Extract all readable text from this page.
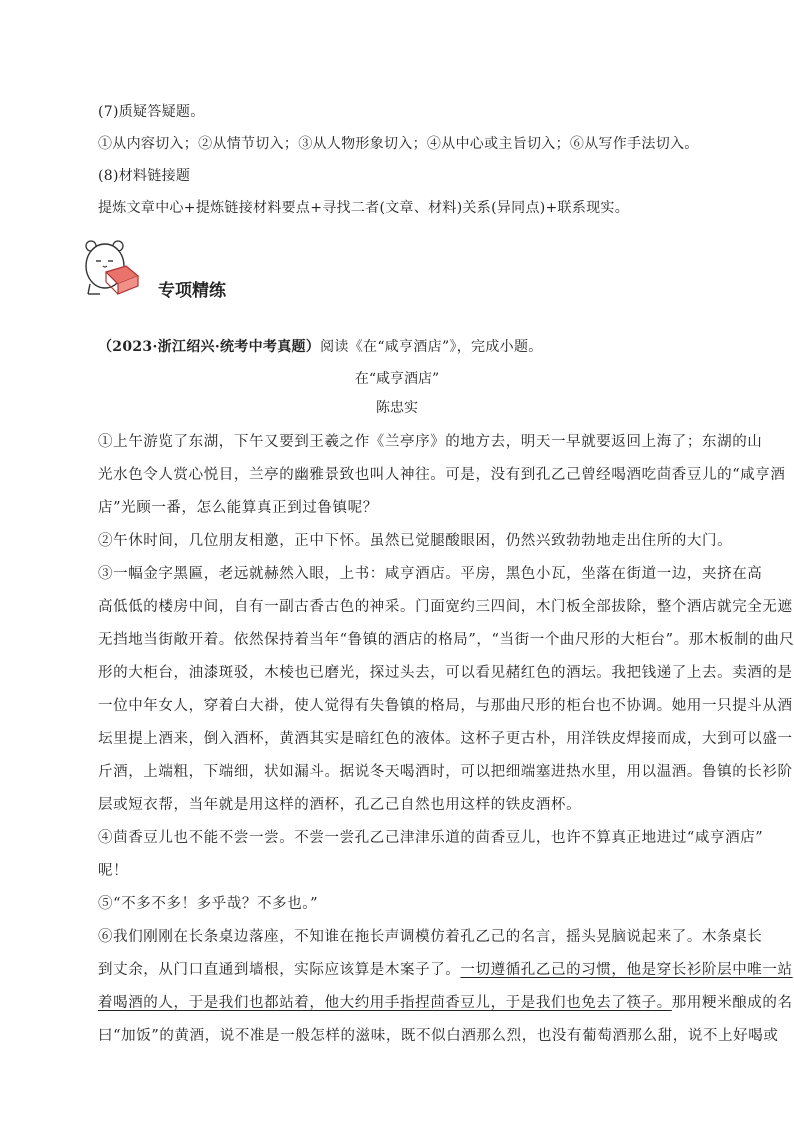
(7)质疑答疑题。
①从内容切入；②从情节切入；③从人物形象切入；④从中心或主旨切入；⑥从写作手法切入。
(8)材料链接题
提炼文章中心+提炼链接材料要点+寻找二者(文章、材料)关系(异同点)+联系现实。
专项精练
（2023·浙江绍兴·统考中考真题）阅读《在“咸亨酒店”》，完成小题。
在“咸亨酒店”
陈忠实
①上午游览了东湖，下午又要到王羲之作《兰亭序》的地方去，明天一早就要返回上海了；东湖的山
光水色令人赏心悦目，兰亭的幽雅景致也叫人神往。可是，没有到孔乙己曾经喝酒吃茴香豆儿的“咸亨酒
店”光顾一番，怎么能算真正到过鲁镇呢？
②午休时间，几位朋友相邀，正中下怀。虽然已觉腿酸眼困，仍然兴致勃勃地走出住所的大门。
③一幅金字黑匾，老远就赫然入眼，上书：咸亨酒店。平房，黑色小瓦，坐落在街道一边，夹挤在高
高低低的楼房中间，自有一副古香古色的神采。门面宽约三四间，木门板全部拔除，整个酒店就完全无遮
无挡地当街敞开着。依然保持着当年“鲁镇的酒店的格局”，“当街一个曲尺形的大柜台”。那木板制的曲尺
形的大柜台，油漆斑驳，木棱也已磨光，探过头去，可以看见赭红色的酒坛。我把钱递了上去。卖酒的是
一位中年女人，穿着白大褂，使人觉得有失鲁镇的格局，与那曲尺形的柜台也不协调。她用一只提斗从酒
坛里提上酒来，倒入酒杯，黄酒其实是暗红色的液体。这杯子更古朴，用洋铁皮焊接而成，大到可以盛一
斤酒，上端粗，下端细，状如漏斗。据说冬天喝酒时，可以把细端塞进热水里，用以温酒。鲁镇的长衫阶
层或短衣帮，当年就是用这样的酒杯，孔乙己自然也用这样的铁皮酒杯。
④茴香豆儿也不能不尝一尝。不尝一尝孔乙己津津乐道的茴香豆儿，也许不算真正地进过“咸亨酒店”
呢！
⑤“不多不多！多乎哉？不多也。”
⑥我们刚刚在长条桌边落座，不知谁在拖长声调模仿着孔乙己的名言，摇头晃脑说起来了。木条桌长
到丈余，从门口直通到墙根，实际应该算是木案子了。一切遵循孔乙己的习惯，他是穿长衫阶层中唯一站
着喝酒的人，于是我们也都站着，他大约用手指捏茴香豆儿，于是我们也免去了筷子。那用粳米酿成的名
曰“加饭”的黄酒，说不准是一般怎样的滋味，既不似白酒那么烈，也没有葡萄酒那么甜，说不上好喝或
